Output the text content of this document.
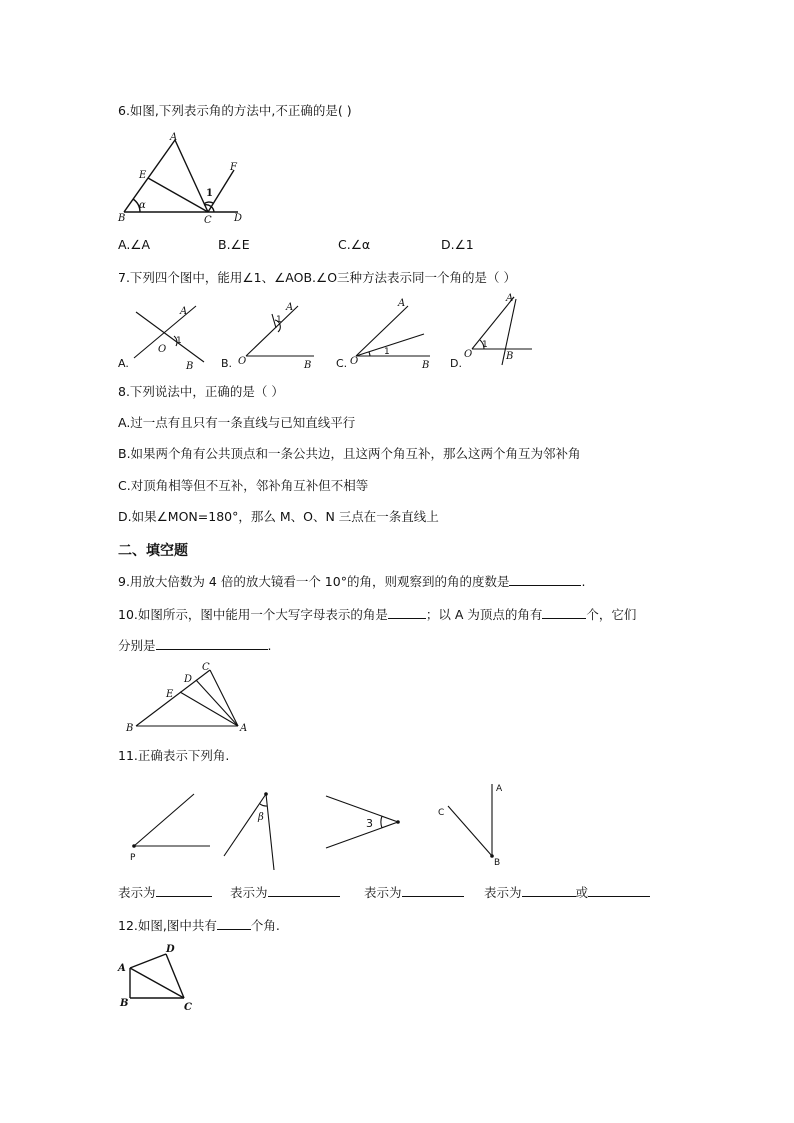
6.如图,下列表示角的方法中,不正确的是( )
A
E
F
B	C D
α
1
A.∠A	B.∠E	C.∠α	D.∠1
7.下列四个图中，能用∠1、∠AOB.∠O三种方法表示同一个角的是（ ）
A
O
1
B
A.
A
1
O	B
B.
A
1
O	B
C.
A
1
O	B
D.
8.下列说法中，正确的是（ ）
A.过一点有且只有一条直线与已知直线平行
B.如果两个角有公共顶点和一条公共边，且这两个角互补，那么这两个角互为邻补角
C.对顶角相等但不互补，邻补角互补但不相等
D.如果∠MON=180°，那么 M、O、N 三点在一条直线上
二、填空题
9.用放大倍数为 4 倍的放大镜看一个 10°的角，则观察到的角的度数是	.
10.如图所示，图中能用一个大写字母表示的角是	；以 A 为顶点的角有	个，它们
分别是	.
C
D
E
B	A
11.正确表示下列角.
P
β	3
A
C
B
表示为	表示为	表示为	表示为	或
12.如图,图中共有	个角.
D
A
B	C
